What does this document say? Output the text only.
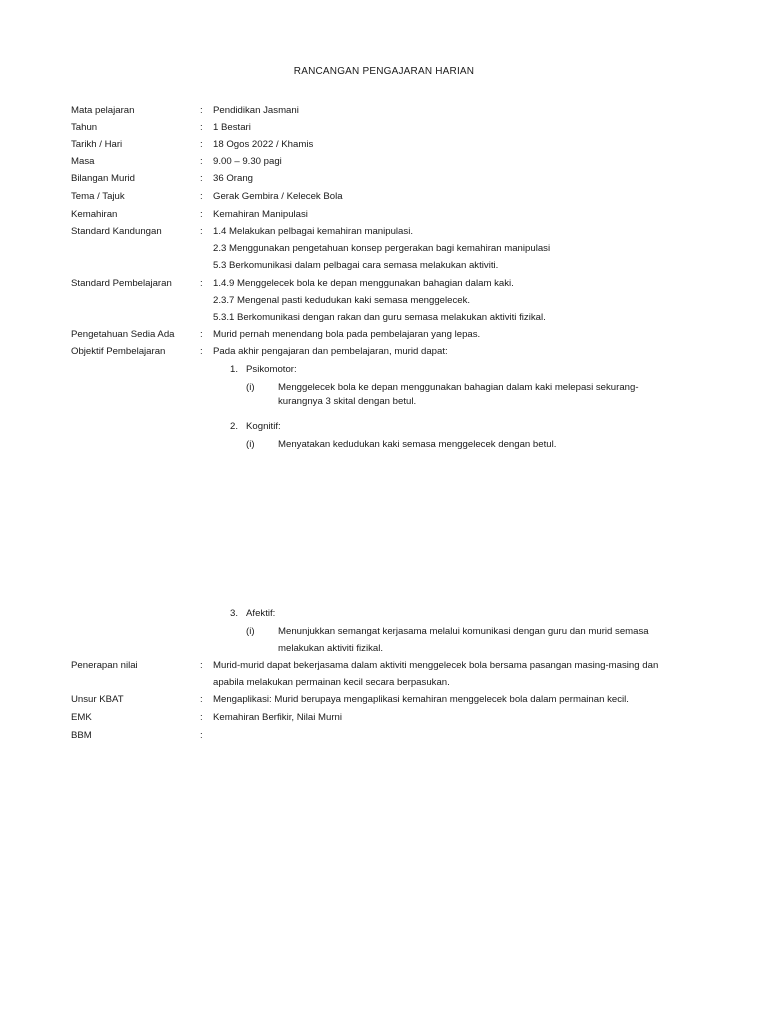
RANCANGAN PENGAJARAN HARIAN
Mata pelajaran	: Pendidikan Jasmani
Tahun	: 1 Bestari
Tarikh / Hari	: 18 Ogos 2022 / Khamis
Masa	: 9.00 – 9.30 pagi
Bilangan Murid	: 36 Orang
Tema / Tajuk	: Gerak Gembira / Kelecek Bola
Kemahiran	: Kemahiran Manipulasi
Standard Kandungan	: 1.4 Melakukan pelbagai kemahiran manipulasi.
2.3 Menggunakan pengetahuan konsep pergerakan bagi kemahiran manipulasi
5.3 Berkomunikasi dalam pelbagai cara semasa melakukan aktiviti.
Standard Pembelajaran	: 1.4.9 Menggelecek bola ke depan menggunakan bahagian dalam kaki.
2.3.7 Mengenal pasti kedudukan kaki semasa menggelecek.
5.3.1 Berkomunikasi dengan rakan dan guru semasa melakukan aktiviti fizikal.
Pengetahuan Sedia Ada	: Murid pernah menendang bola pada pembelajaran yang lepas.
Objektif Pembelajaran	: Pada akhir pengajaran dan pembelajaran, murid dapat:
1. Psikomotor:
(i) Menggelecek bola ke depan menggunakan bahagian dalam kaki melepasi sekurang-
kurangnya 3 skital dengan betul.
2. Kognitif:
(i) Menyatakan kedudukan kaki semasa menggelecek dengan betul.
3. Afektif:
(i) Menunjukkan semangat kerjasama melalui komunikasi dengan guru dan murid semasa
melakukan aktiviti fizikal.
Penerapan nilai	: Murid-murid dapat bekerjasama dalam aktiviti menggelecek bola bersama pasangan masing-masing dan
apabila melakukan permainan kecil secara berpasukan.
Unsur KBAT	: Mengaplikasi: Murid berupaya mengaplikasi kemahiran menggelecek bola dalam permainan kecil.
EMK	: Kemahiran Berfikir, Nilai Murni
BBM	:
